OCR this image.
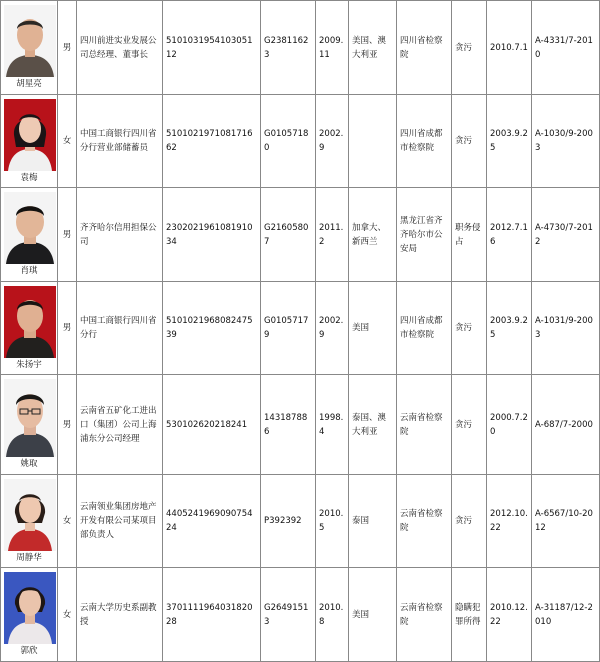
胡星亮	男	四川前进实业发展公司总经理、董事长	510103195410305112	G23811623	2009.11	美国、澳大利亚	四川省检察院	贪污	2010.7.1	A-4331/7-2010

袁梅	女	中国工商银行四川省分行营业部储蓄员	510102197108171662	G01057180	2002.9		四川省成都市检察院	贪污	2003.9.25	A-1030/9-2003

肖琪	男	齐齐哈尔信用担保公司	230202196108191034	G21605807	2011.2	加拿大、新西兰	黑龙江省齐齐哈尔市公安局	职务侵占	2012.7.16	A-4730/7-2012

朱扬宇	男	中国工商银行四川省分行	510102196808247539	G01057179	2002.9	美国	四川省成都市检察院	贪污	2003.9.25	A-1031/9-2003

姚取	男	云南省五矿化工进出口（集团）公司上海浦东分公司经理	530102620218241	143187886	1998.4	泰国、澳大利亚	云南省检察院	贪污	2000.7.20	A-687/7-2000

周静华	女	云南领业集团房地产开发有限公司某项目部负责人	440524196909075424	P392392	2010.5	泰国	云南省检察院	贪污	2012.10.22	A-6567/10-2012

郭欣	女	云南大学历史系副教授	370111196403182028	G26491513	2010.8	美国	云南省检察院	隐瞒犯罪所得	2010.12.22	A-31187/12-2010
